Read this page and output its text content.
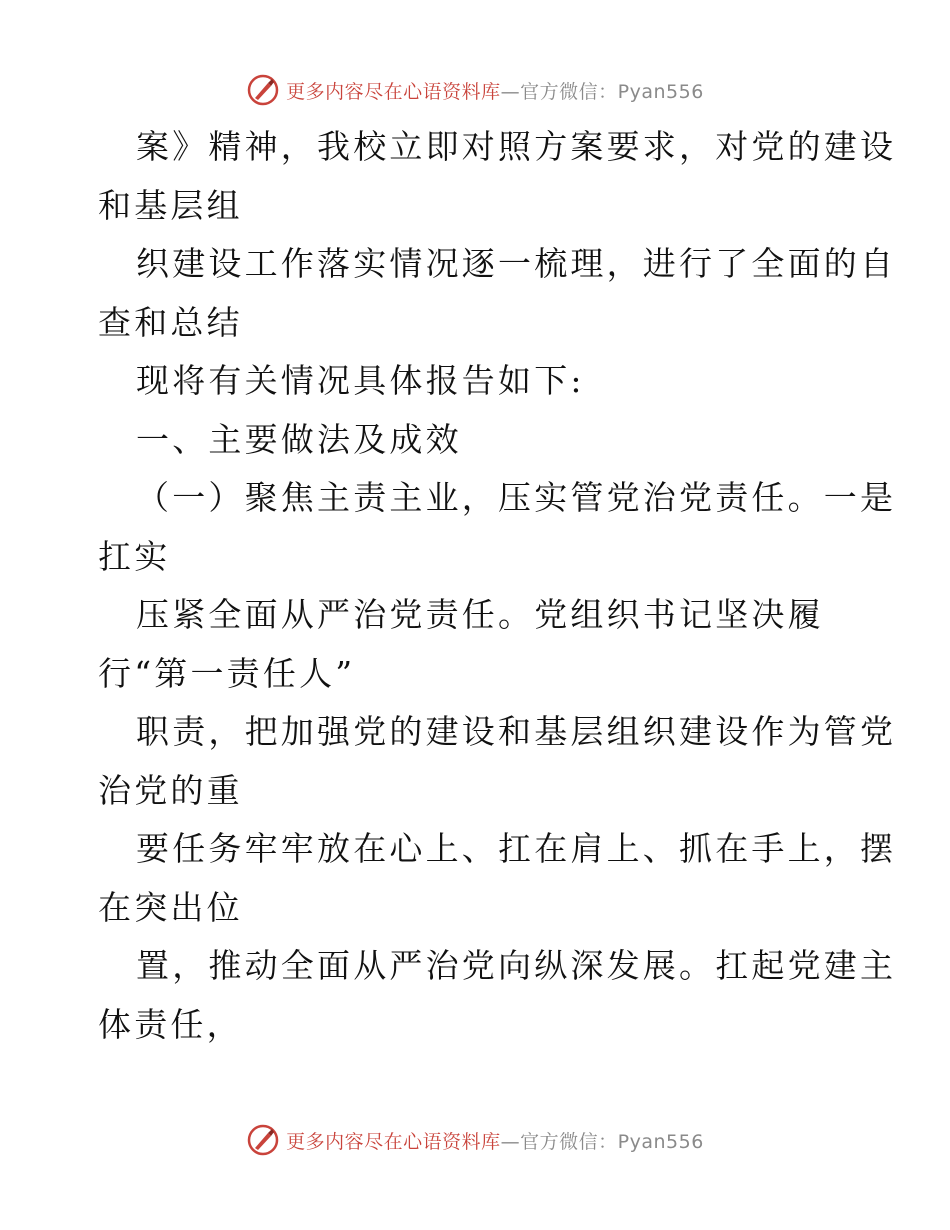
更多内容尽在心语资料库—官方微信：Pyan556
案》精神，我校立即对照方案要求，对党的建设
和基层组
织建设工作落实情况逐一梳理，进行了全面的自
查和总结
现将有关情况具体报告如下:
一、主要做法及成效
（一）聚焦主责主业，压实管党治党责任。一是
扛实
压紧全面从严治党责任。党组织书记坚决履
行“第一责任人”
职责，把加强党的建设和基层组织建设作为管党
治党的重
要任务牢牢放在心上、扛在肩上、抓在手上，摆
在突出位
置，推动全面从严治党向纵深发展。扛起党建主
体责任，
更多内容尽在心语资料库—官方微信：Pyan556
